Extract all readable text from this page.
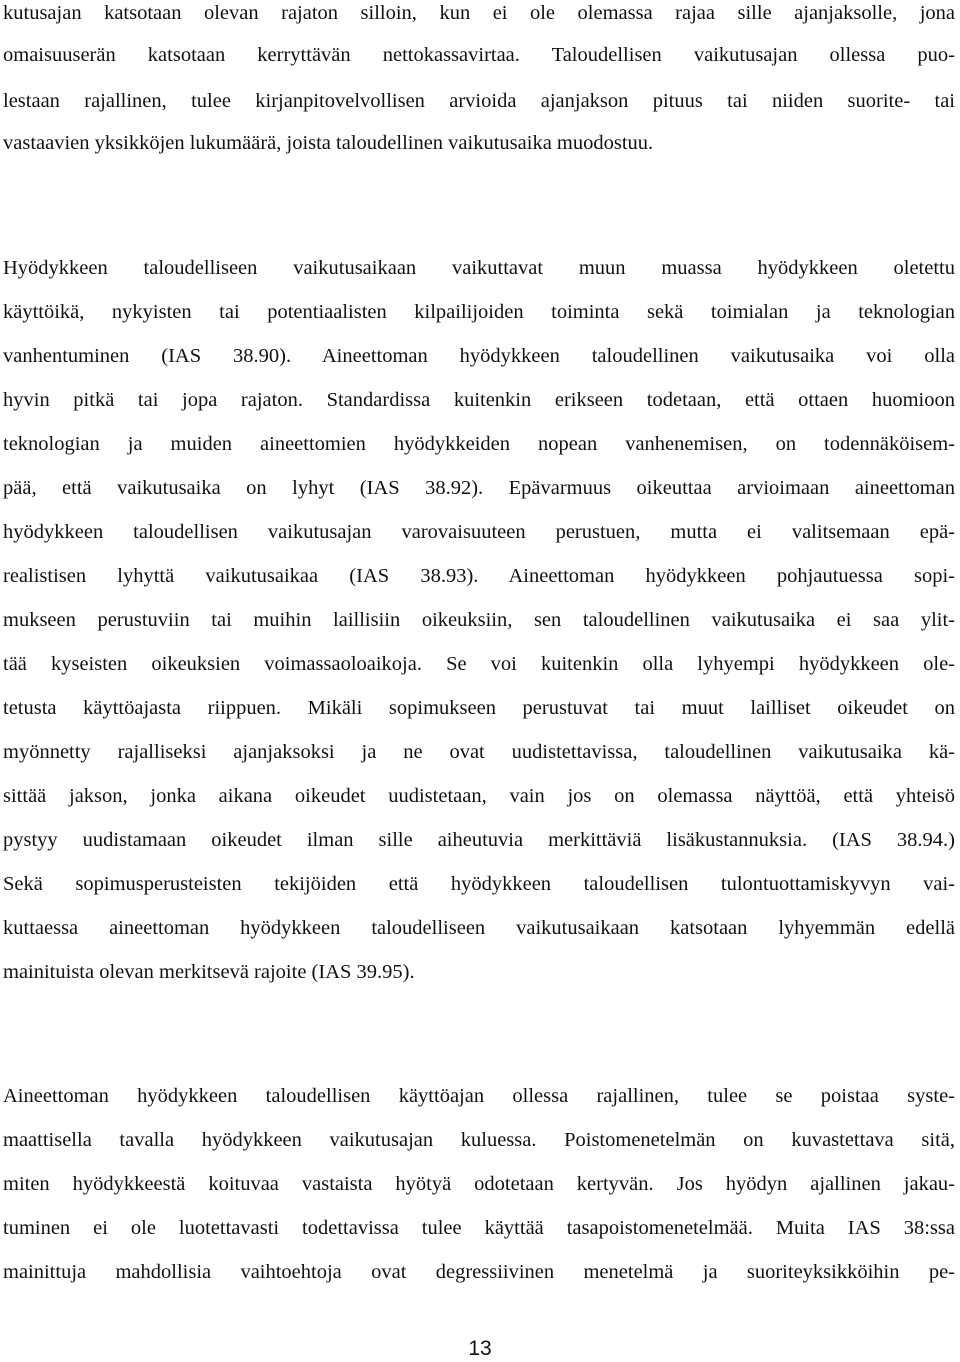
kutusajan katsotaan olevan rajaton silloin, kun ei ole olemassa rajaa sille ajanjaksolle, jona
omaisuuserän katsotaan kerryttävän nettokassavirtaa. Taloudellisen vaikutusajan ollessa puo-
lestaan rajallinen, tulee kirjanpitovelvollisen arvioida ajanjakson pituus tai niiden suorite- tai
vastaavien yksikköjen lukumäärä, joista taloudellinen vaikutusaika muodostuu.
Hyödykkeen taloudelliseen vaikutusaikaan vaikuttavat muun muassa hyödykkeen oletettu
käyttöikä, nykyisten tai potentiaalisten kilpailijoiden toiminta sekä toimialan ja teknologian
vanhentuminen (IAS 38.90). Aineettoman hyödykkeen taloudellinen vaikutusaika voi olla
hyvin pitkä tai jopa rajaton. Standardissa kuitenkin erikseen todetaan, että ottaen huomioon
teknologian ja muiden aineettomien hyödykkeiden nopean vanhenemisen, on todennäköisem-
pää, että vaikutusaika on lyhyt (IAS 38.92). Epävarmuus oikeuttaa arvioimaan aineettoman
hyödykkeen taloudellisen vaikutusajan varovaisuuteen perustuen, mutta ei valitsemaan epä-
realistisen lyhyttä vaikutusaikaa (IAS 38.93). Aineettoman hyödykkeen pohjautuessa sopi-
mukseen perustuviin tai muihin laillisiin oikeuksiin, sen taloudellinen vaikutusaika ei saa ylit-
tää kyseisten oikeuksien voimassaoloaikoja. Se voi kuitenkin olla lyhyempi hyödykkeen ole-
tetusta käyttöajasta riippuen. Mikäli sopimukseen perustuvat tai muut lailliset oikeudet on
myönnetty rajalliseksi ajanjaksoksi ja ne ovat uudistettavissa, taloudellinen vaikutusaika kä-
sittää jakson, jonka aikana oikeudet uudistetaan, vain jos on olemassa näyttöä, että yhteisö
pystyy uudistamaan oikeudet ilman sille aiheutuvia merkittäviä lisäkustannuksia. (IAS 38.94.)
Sekä sopimusperusteisten tekijöiden että hyödykkeen taloudellisen tulontuottamiskyvyn vai-
kuttaessa aineettoman hyödykkeen taloudelliseen vaikutusaikaan katsotaan lyhyemmän edellä
mainituista olevan merkitsevä rajoite (IAS 39.95).
Aineettoman hyödykkeen taloudellisen käyttöajan ollessa rajallinen, tulee se poistaa syste-
maattisella tavalla hyödykkeen vaikutusajan kuluessa. Poistomenetelmän on kuvastettava sitä,
miten hyödykkeestä koituvaa vastaista hyötyä odotetaan kertyvän. Jos hyödyn ajallinen jakau-
tuminen ei ole luotettavasti todettavissa tulee käyttää tasapoistomenetelmää. Muita IAS 38:ssa
mainittuja mahdollisia vaihtoehtoja ovat degressiivinen menetelmä ja suoriteyksikköihin pe-
13
